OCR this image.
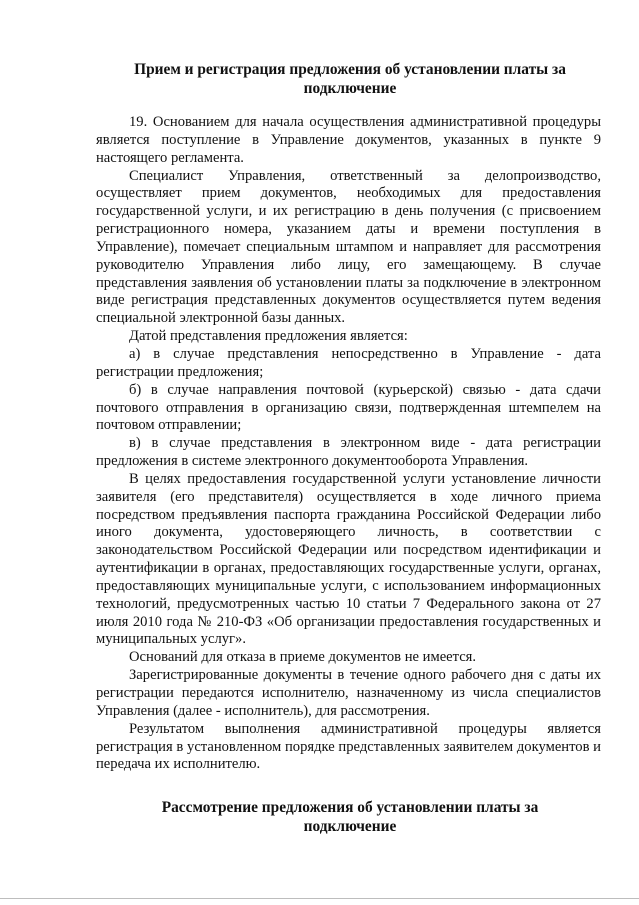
Прием и регистрация предложения об установлении платы за
подключение

19. Основанием для начала осуществления административной процедуры является поступление в Управление документов, указанных в пункте 9 настоящего регламента.

Специалист Управления, ответственный за делопроизводство, осуществляет прием документов, необходимых для предоставления государственной услуги, и их регистрацию в день получения (с присвоением регистрационного номера, указанием даты и времени поступления в Управление), помечает специальным штампом и направляет для рассмотрения руководителю Управления либо лицу, его замещающему. В случае представления заявления об установлении платы за подключение в электронном виде регистрация представленных документов осуществляется путем ведения специальной электронной базы данных.

Датой представления предложения является:

а) в случае представления непосредственно в Управление - дата регистрации предложения;

б) в случае направления почтовой (курьерской) связью - дата сдачи почтового отправления в организацию связи, подтвержденная штемпелем на почтовом отправлении;

в) в случае представления в электронном виде - дата регистрации предложения в системе электронного документооборота Управления.

В целях предоставления государственной услуги установление личности заявителя (его представителя) осуществляется в ходе личного приема посредством предъявления паспорта гражданина Российской Федерации либо иного документа, удостоверяющего личность, в соответствии с законодательством Российской Федерации или посредством идентификации и аутентификации в органах, предоставляющих государственные услуги, органах, предоставляющих муниципальные услуги, с использованием информационных технологий, предусмотренных частью 10 статьи 7 Федерального закона от 27 июля 2010 года № 210-ФЗ «Об организации предоставления государственных и муниципальных услуг».

Оснований для отказа в приеме документов не имеется.

Зарегистрированные документы в течение одного рабочего дня с даты их регистрации передаются исполнителю, назначенному из числа специалистов Управления (далее - исполнитель), для рассмотрения.

Результатом выполнения административной процедуры является регистрация в установленном порядке представленных заявителем документов и передача их исполнителю.

Рассмотрение предложения об установлении платы за
подключение
